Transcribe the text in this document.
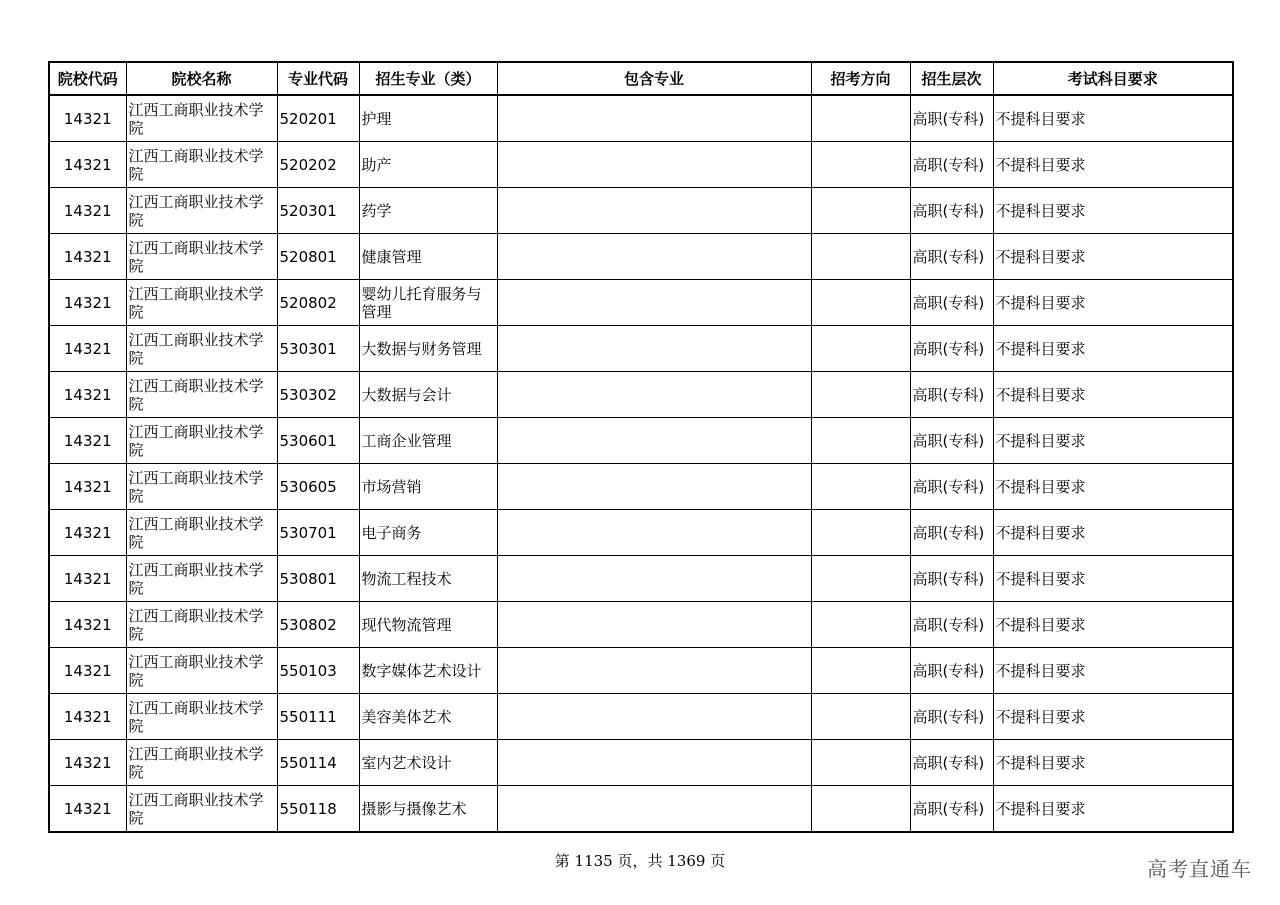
院校代码	院校名称	专业代码	招生专业（类）	包含专业	招考方向	招生层次	考试科目要求
14321	江西工商职业技术学院	520201	护理			高职(专科)	不提科目要求
14321	江西工商职业技术学院	520202	助产			高职(专科)	不提科目要求
14321	江西工商职业技术学院	520301	药学			高职(专科)	不提科目要求
14321	江西工商职业技术学院	520801	健康管理			高职(专科)	不提科目要求
14321	江西工商职业技术学院	520802	婴幼儿托育服务与管理			高职(专科)	不提科目要求
14321	江西工商职业技术学院	530301	大数据与财务管理			高职(专科)	不提科目要求
14321	江西工商职业技术学院	530302	大数据与会计			高职(专科)	不提科目要求
14321	江西工商职业技术学院	530601	工商企业管理			高职(专科)	不提科目要求
14321	江西工商职业技术学院	530605	市场营销			高职(专科)	不提科目要求
14321	江西工商职业技术学院	530701	电子商务			高职(专科)	不提科目要求
14321	江西工商职业技术学院	530801	物流工程技术			高职(专科)	不提科目要求
14321	江西工商职业技术学院	530802	现代物流管理			高职(专科)	不提科目要求
14321	江西工商职业技术学院	550103	数字媒体艺术设计			高职(专科)	不提科目要求
14321	江西工商职业技术学院	550111	美容美体艺术			高职(专科)	不提科目要求
14321	江西工商职业技术学院	550114	室内艺术设计			高职(专科)	不提科目要求
14321	江西工商职业技术学院	550118	摄影与摄像艺术			高职(专科)	不提科目要求
第 1135 页，共 1369 页	高考直通车
